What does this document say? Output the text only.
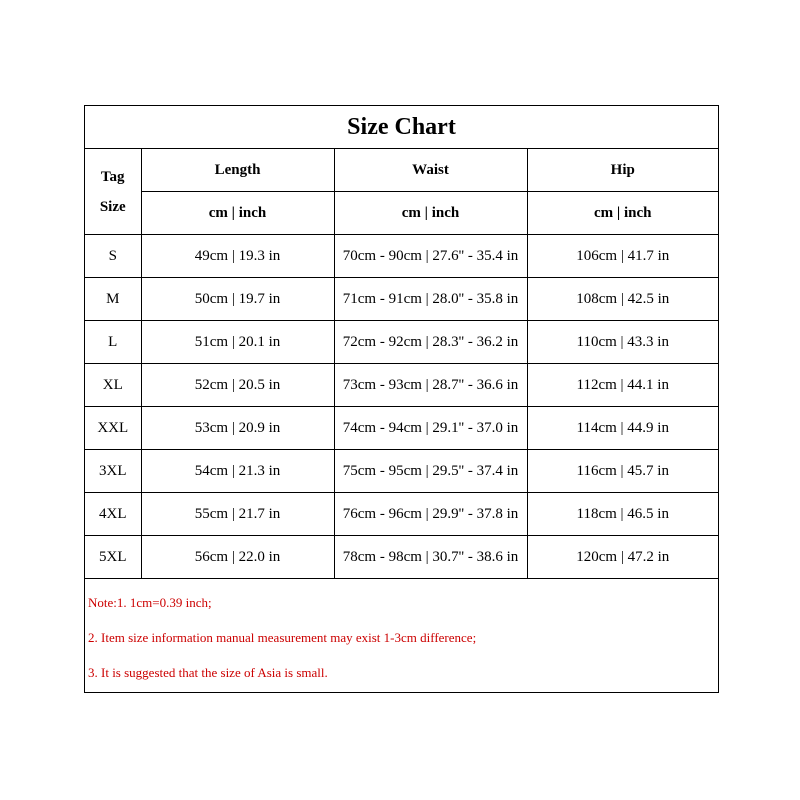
Size Chart
Tag
Size	Length	Waist	Hip
	cm | inch	cm | inch	cm | inch
S	49cm | 19.3 in	70cm - 90cm | 27.6'' - 35.4 in	106cm | 41.7 in
M	50cm | 19.7 in	71cm - 91cm | 28.0'' - 35.8 in	108cm | 42.5 in
L	51cm | 20.1 in	72cm - 92cm | 28.3'' - 36.2 in	110cm | 43.3 in
XL	52cm | 20.5 in	73cm - 93cm | 28.7'' - 36.6 in	112cm | 44.1 in
XXL	53cm | 20.9 in	74cm - 94cm | 29.1'' - 37.0 in	114cm | 44.9 in
3XL	54cm | 21.3 in	75cm - 95cm | 29.5'' - 37.4 in	116cm | 45.7 in
4XL	55cm | 21.7 in	76cm - 96cm | 29.9'' - 37.8 in	118cm | 46.5 in
5XL	56cm | 22.0 in	78cm - 98cm | 30.7'' - 38.6 in	120cm | 47.2 in
Note:1. 1cm=0.39 inch;
2. Item size information manual measurement may exist 1-3cm difference;
3. It is suggested that the size of Asia is small.
